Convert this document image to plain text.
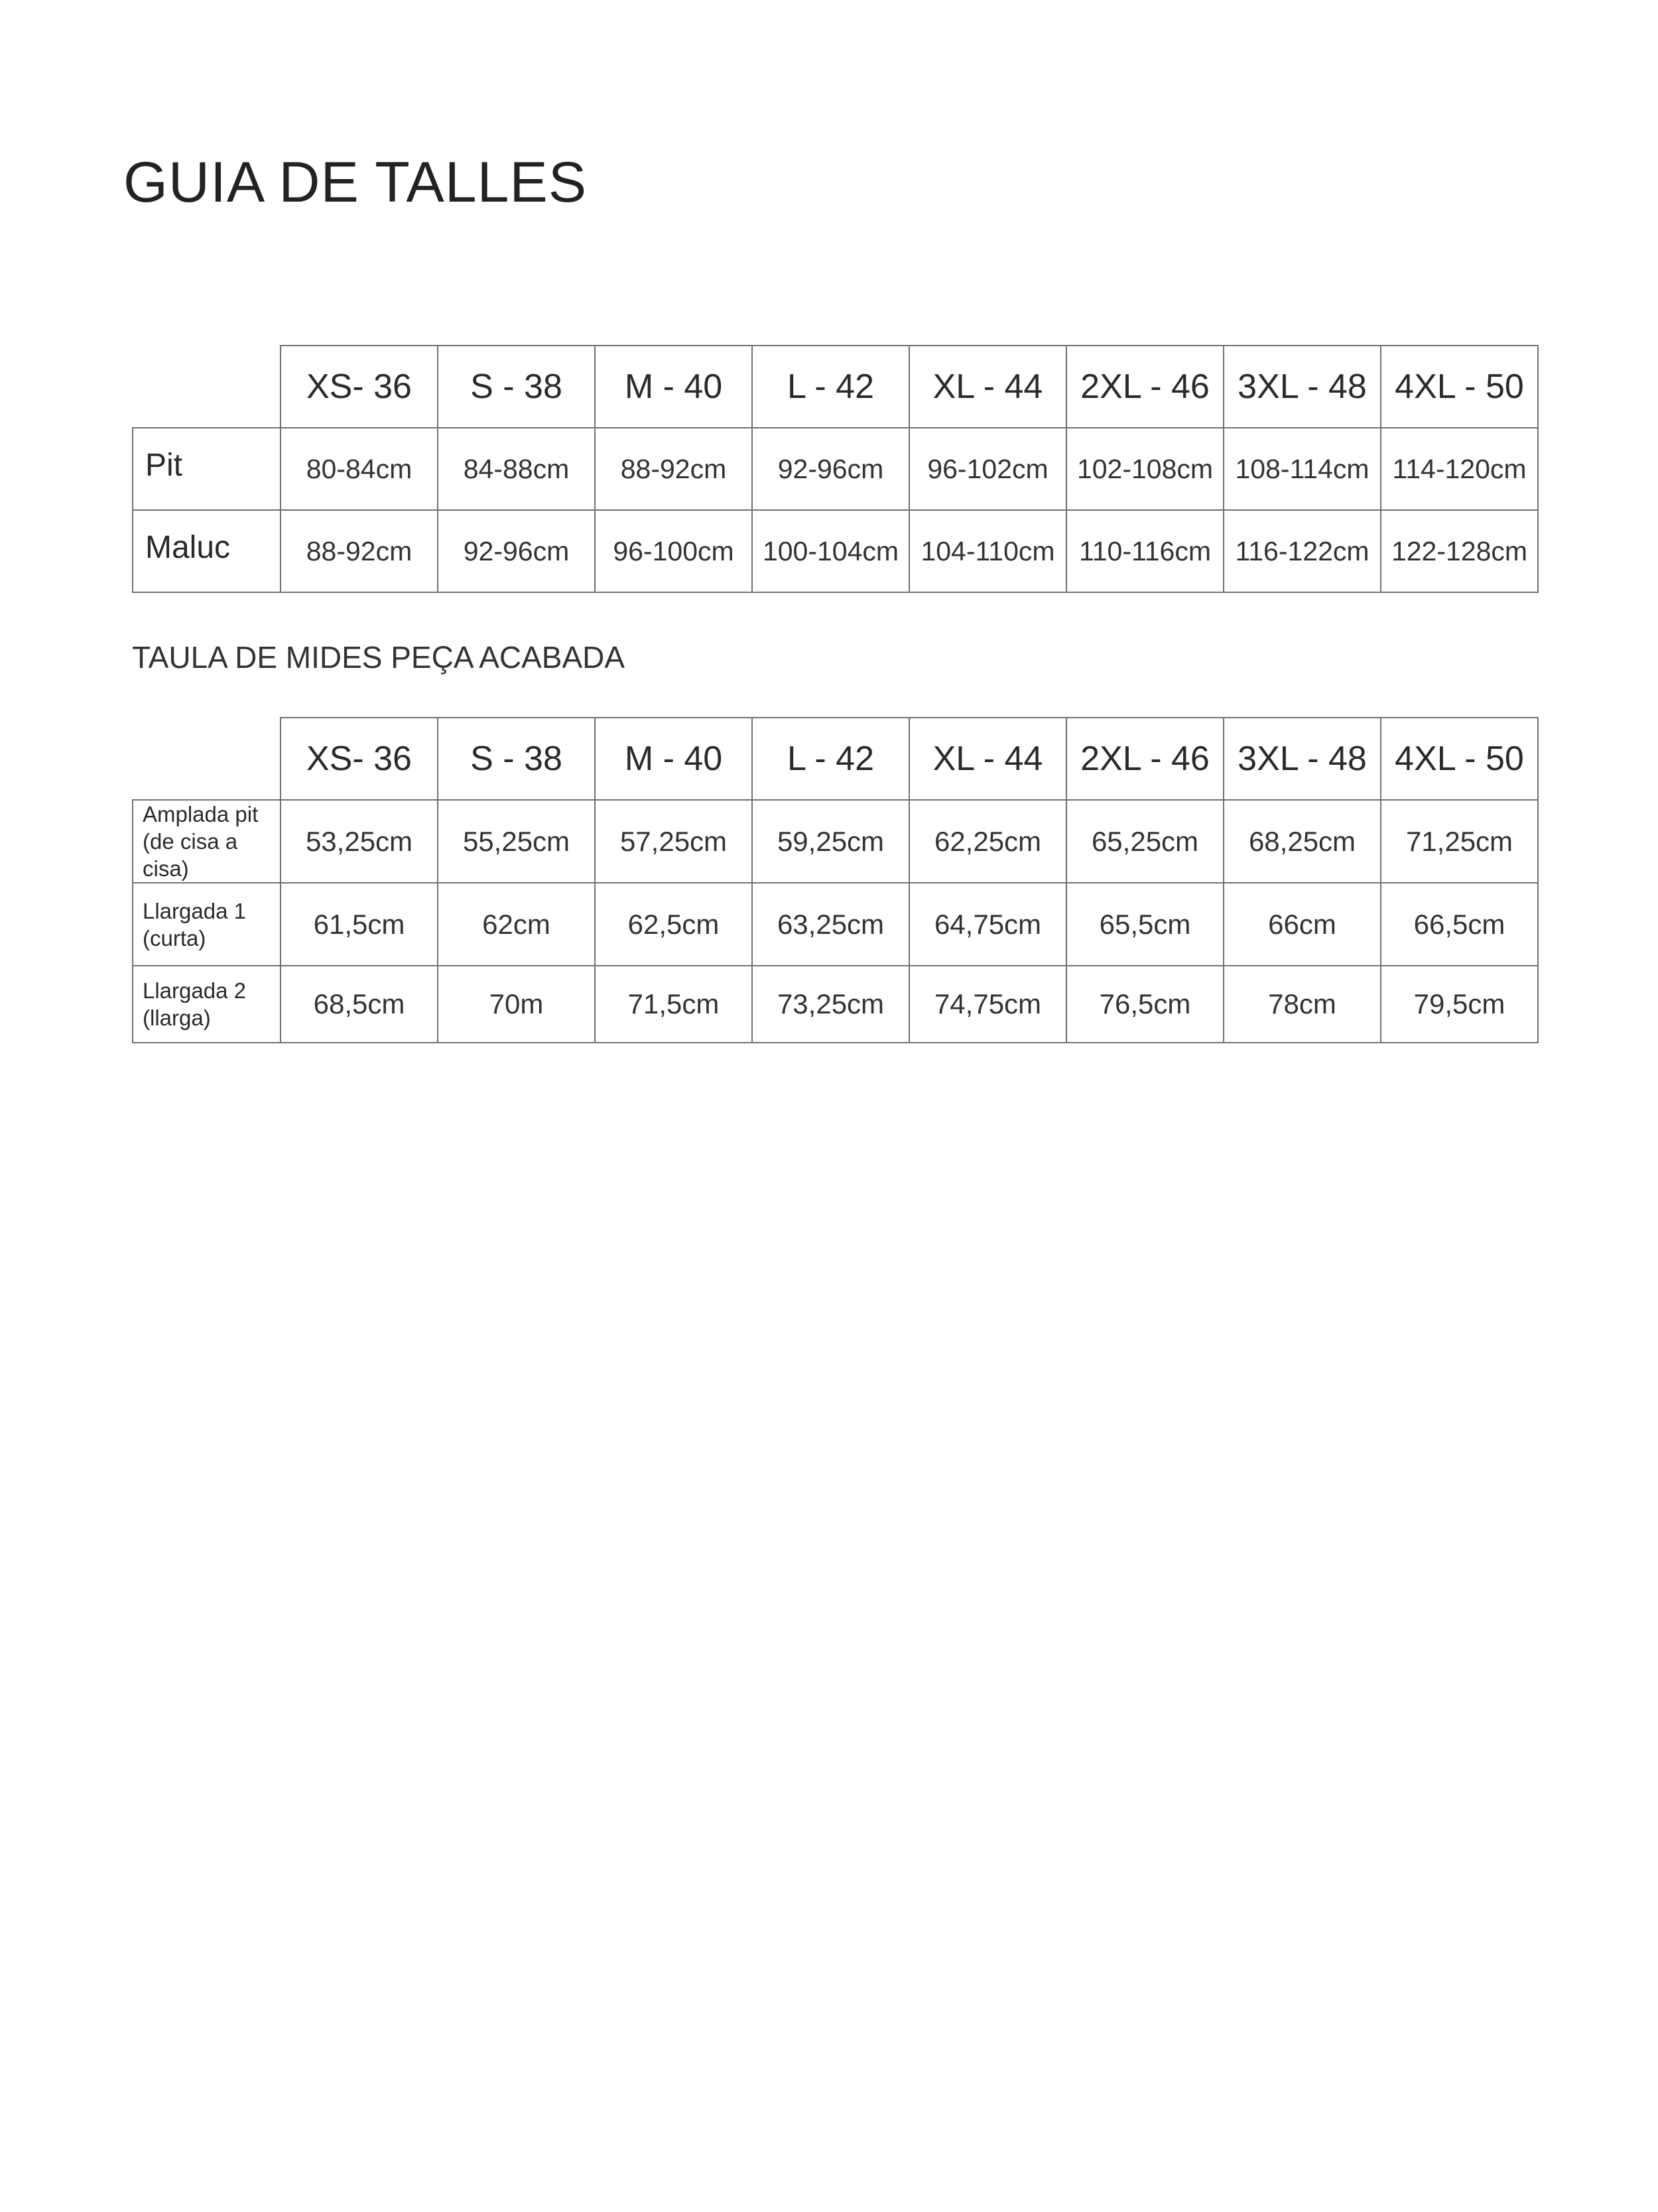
GUIA DE TALLES
	XS- 36	S - 38	M - 40	L - 42	XL - 44	2XL - 46	3XL - 48	4XL - 50
Pit	80-84cm	84-88cm	88-92cm	92-96cm	96-102cm	102-108cm	108-114cm	114-120cm
Maluc	88-92cm	92-96cm	96-100cm	100-104cm	104-110cm	110-116cm	116-122cm	122-128cm
TAULA DE MIDES PEÇA ACABADA
	XS- 36	S - 38	M - 40	L - 42	XL - 44	2XL - 46	3XL - 48	4XL - 50
Amplada pit (de cisa a cisa)	53,25cm	55,25cm	57,25cm	59,25cm	62,25cm	65,25cm	68,25cm	71,25cm
Llargada 1 (curta)	61,5cm	62cm	62,5cm	63,25cm	64,75cm	65,5cm	66cm	66,5cm
Llargada 2 (llarga)	68,5cm	70m	71,5cm	73,25cm	74,75cm	76,5cm	78cm	79,5cm
